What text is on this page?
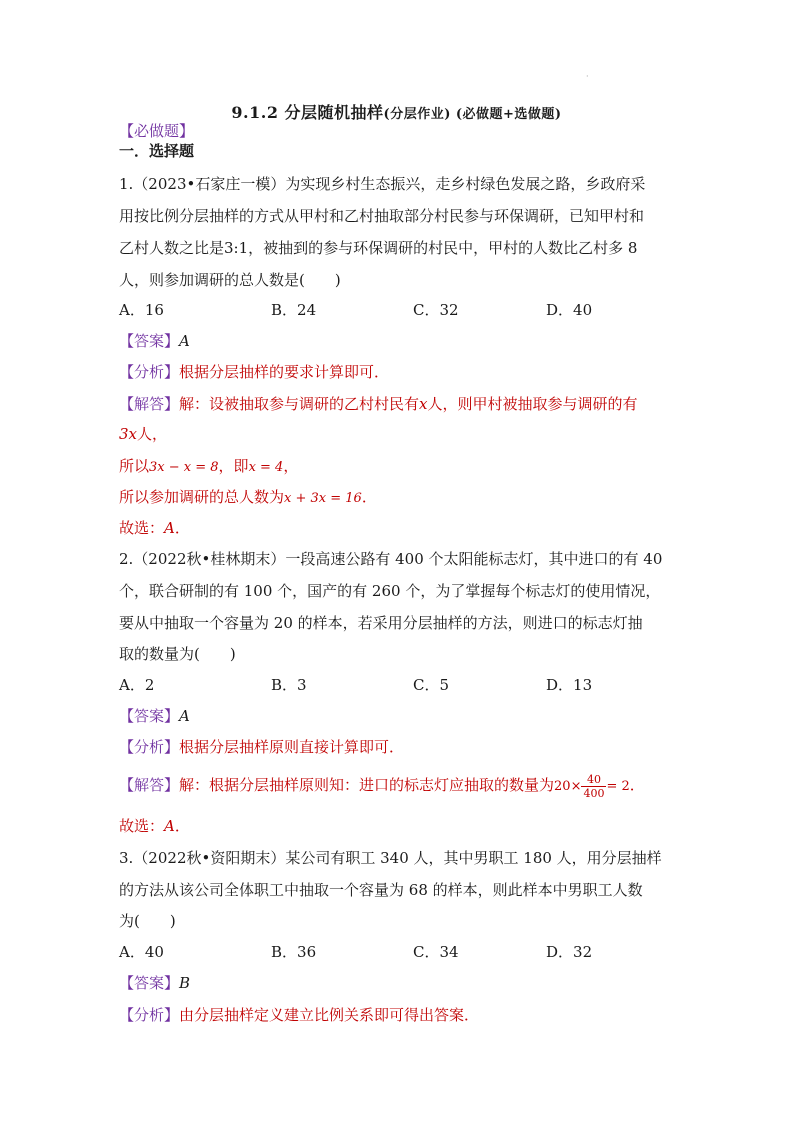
·
9.1.2 分层随机抽样(分层作业) (必做题+选做题)
【必做题】
一．选择题
1.（2023•石家庄一模）为实现乡村生态振兴，走乡村绿色发展之路，乡政府采
用按比例分层抽样的方式从甲村和乙村抽取部分村民参与环保调研，已知甲村和
乙村人数之比是3:1，被抽到的参与环保调研的村民中，甲村的人数比乙村多 8
人，则参加调研的总人数是(　　)
A．16	B．24	C．32	D．40
【答案】A
【分析】根据分层抽样的要求计算即可．
【解答】解：设被抽取参与调研的乙村村民有x人，则甲村被抽取参与调研的有
3x人，
所以3x − x = 8，即x = 4，
所以参加调研的总人数为x + 3x = 16．
故选：A．
2.（2022秋•桂林期末）一段高速公路有 400 个太阳能标志灯，其中进口的有 40
个，联合研制的有 100 个，国产的有 260 个，为了掌握每个标志灯的使用情况，
要从中抽取一个容量为 20 的样本，若采用分层抽样的方法，则进口的标志灯抽
取的数量为(　　)
A．2	B．3	C．5	D．13
【答案】A
【分析】根据分层抽样原则直接计算即可．
【解答】解：根据分层抽样原则知：进口的标志灯应抽取的数量为$20\times \frac{40}{400} = 2$．
故选：A．
3.（2022秋•资阳期末）某公司有职工 340 人，其中男职工 180 人，用分层抽样
的方法从该公司全体职工中抽取一个容量为 68 的样本，则此样本中男职工人数
为(　　)
A．40	B．36	C．34	D．32
【答案】B
【分析】由分层抽样定义建立比例关系即可得出答案．
